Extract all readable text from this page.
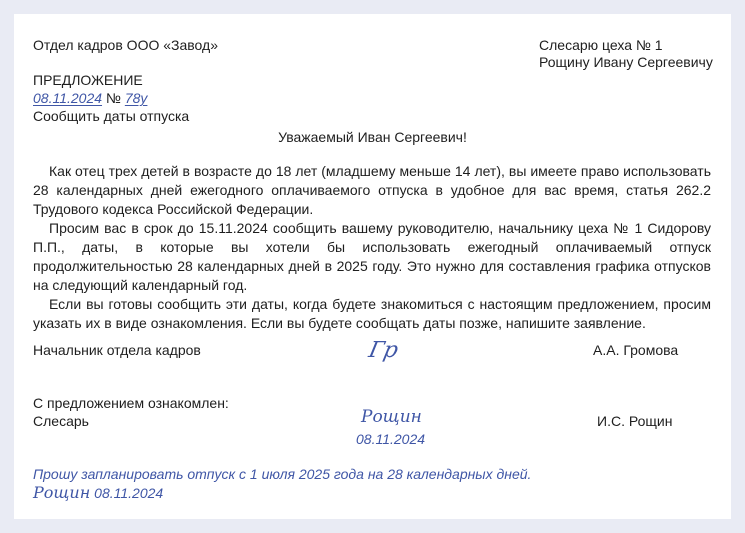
Отдел кадров ООО «Завод»	Слесарю цеха № 1
Рощину Ивану Сергеевичу
ПРЕДЛОЖЕНИЕ
08.11.2024 № 78у
Сообщить даты отпуска
Уважаемый Иван Сергеевич!

Как отец трех детей в возрасте до 18 лет (младшему меньше 14 лет), вы имеете право использовать 28 календарных дней ежегодного оплачиваемого отпуска в удобное для вас время, статья 262.2 Трудового кодекса Российской Федерации.

Просим вас в срок до 15.11.2024 сообщить вашему руководителю, начальнику цеха № 1 Сидорову П.П., даты, в которые вы хотели бы использовать ежегодный оплачиваемый отпуск продолжительностью 28 календарных дней в 2025 году. Это нужно для составления графика отпусков на следующий календарный год.

Если вы готовы сообщить эти даты, когда будете знакомиться с настоящим предложением, просим указать их в виде ознакомления. Если вы будете сообщать даты позже, напишите заявление.

Начальник отдела кадров	Гр	А.А. Громова
С предложением ознакомлен:
Слесарь	Рощин
08.11.2024
И.С. Рощин
Прошу запланировать отпуск с 1 июля 2025 года на 28 календарных дней.
Рощин 08.11.2024
